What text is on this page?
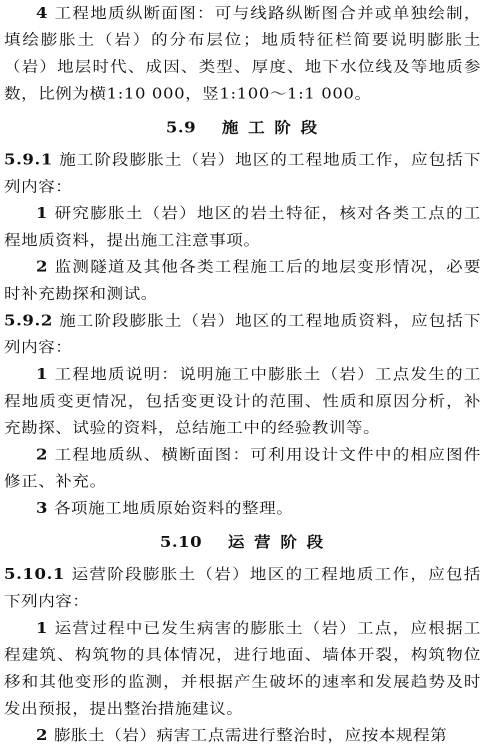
4 工程地质纵断面图：可与线路纵断图合并或单独绘制，填绘膨胀土（岩）的分布层位；地质特征栏简要说明膨胀土（岩）地层时代、成因、类型、厚度、地下水位线及等地质参数，比例为横1:10 000，竖1:100～1:1 000。

5.9 施 工 阶 段

5.9.1 施工阶段膨胀土（岩）地区的工程地质工作，应包括下列内容：

1 研究膨胀土（岩）地区的岩土特征，核对各类工点的工程地质资料，提出施工注意事项。

2 监测隧道及其他各类工程施工后的地层变形情况，必要时补充勘探和测试。

5.9.2 施工阶段膨胀土（岩）地区的工程地质资料，应包括下列内容：

1 工程地质说明：说明施工中膨胀土（岩）工点发生的工程地质变更情况，包括变更设计的范围、性质和原因分析，补充勘探、试验的资料，总结施工中的经验教训等。

2 工程地质纵、横断面图：可利用设计文件中的相应图件修正、补充。

3 各项施工地质原始资料的整理。

5.10 运 营 阶 段

5.10.1 运营阶段膨胀土（岩）地区的工程地质工作，应包括下列内容：

1 运营过程中已发生病害的膨胀土（岩）工点，应根据工程建筑、构筑物的具体情况，进行地面、墙体开裂，构筑物位移和其他变形的监测，并根据产生破坏的速率和发展趋势及时发出预报，提出整治措施建议。

2 膨胀土（岩）病害工点需进行整治时，应按本规程第
